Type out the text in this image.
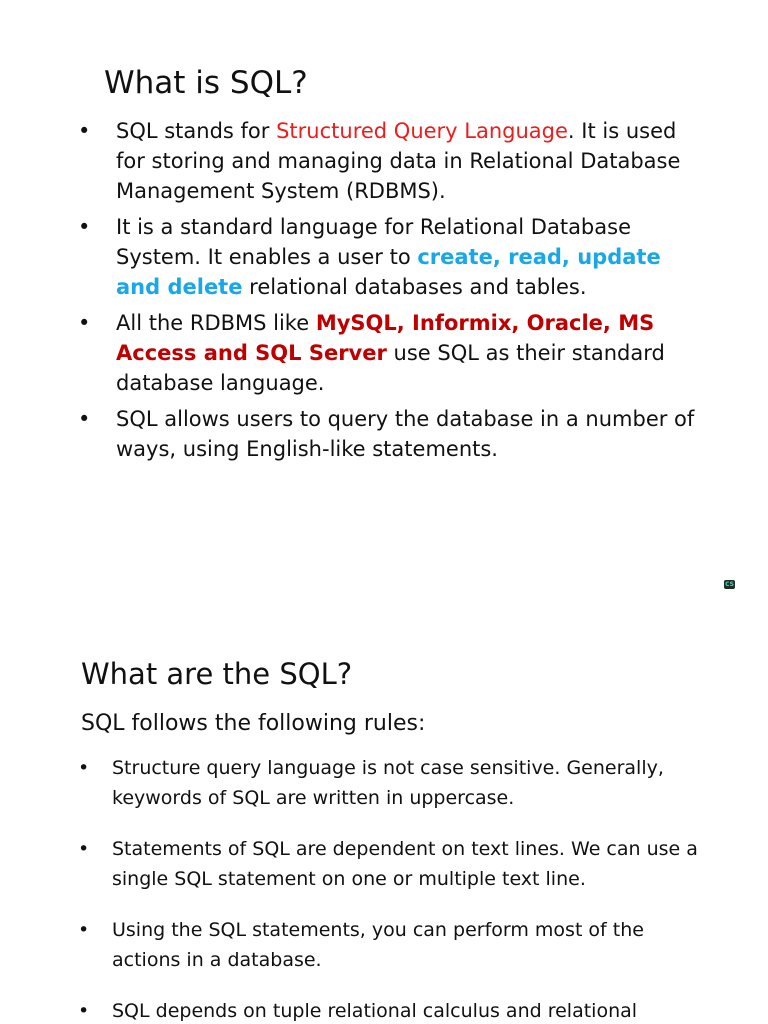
What is SQL?
• SQL stands for Structured Query Language. It is used for storing and managing data in Relational Database Management System (RDBMS).
• It is a standard language for Relational Database System. It enables a user to create, read, update and delete relational databases and tables.
• All the RDBMS like MySQL, Informix, Oracle, MS Access and SQL Server use SQL as their standard database language.
• SQL allows users to query the database in a number of ways, using English-like statements.
CS
What are the SQL?

SQL follows the following rules:

• Structure query language is not case sensitive. Generally, keywords of SQL are written in uppercase.
• Statements of SQL are dependent on text lines. We can use a single SQL statement on one or multiple text line.
• Using the SQL statements, you can perform most of the actions in a database.
• SQL depends on tuple relational calculus and relational
